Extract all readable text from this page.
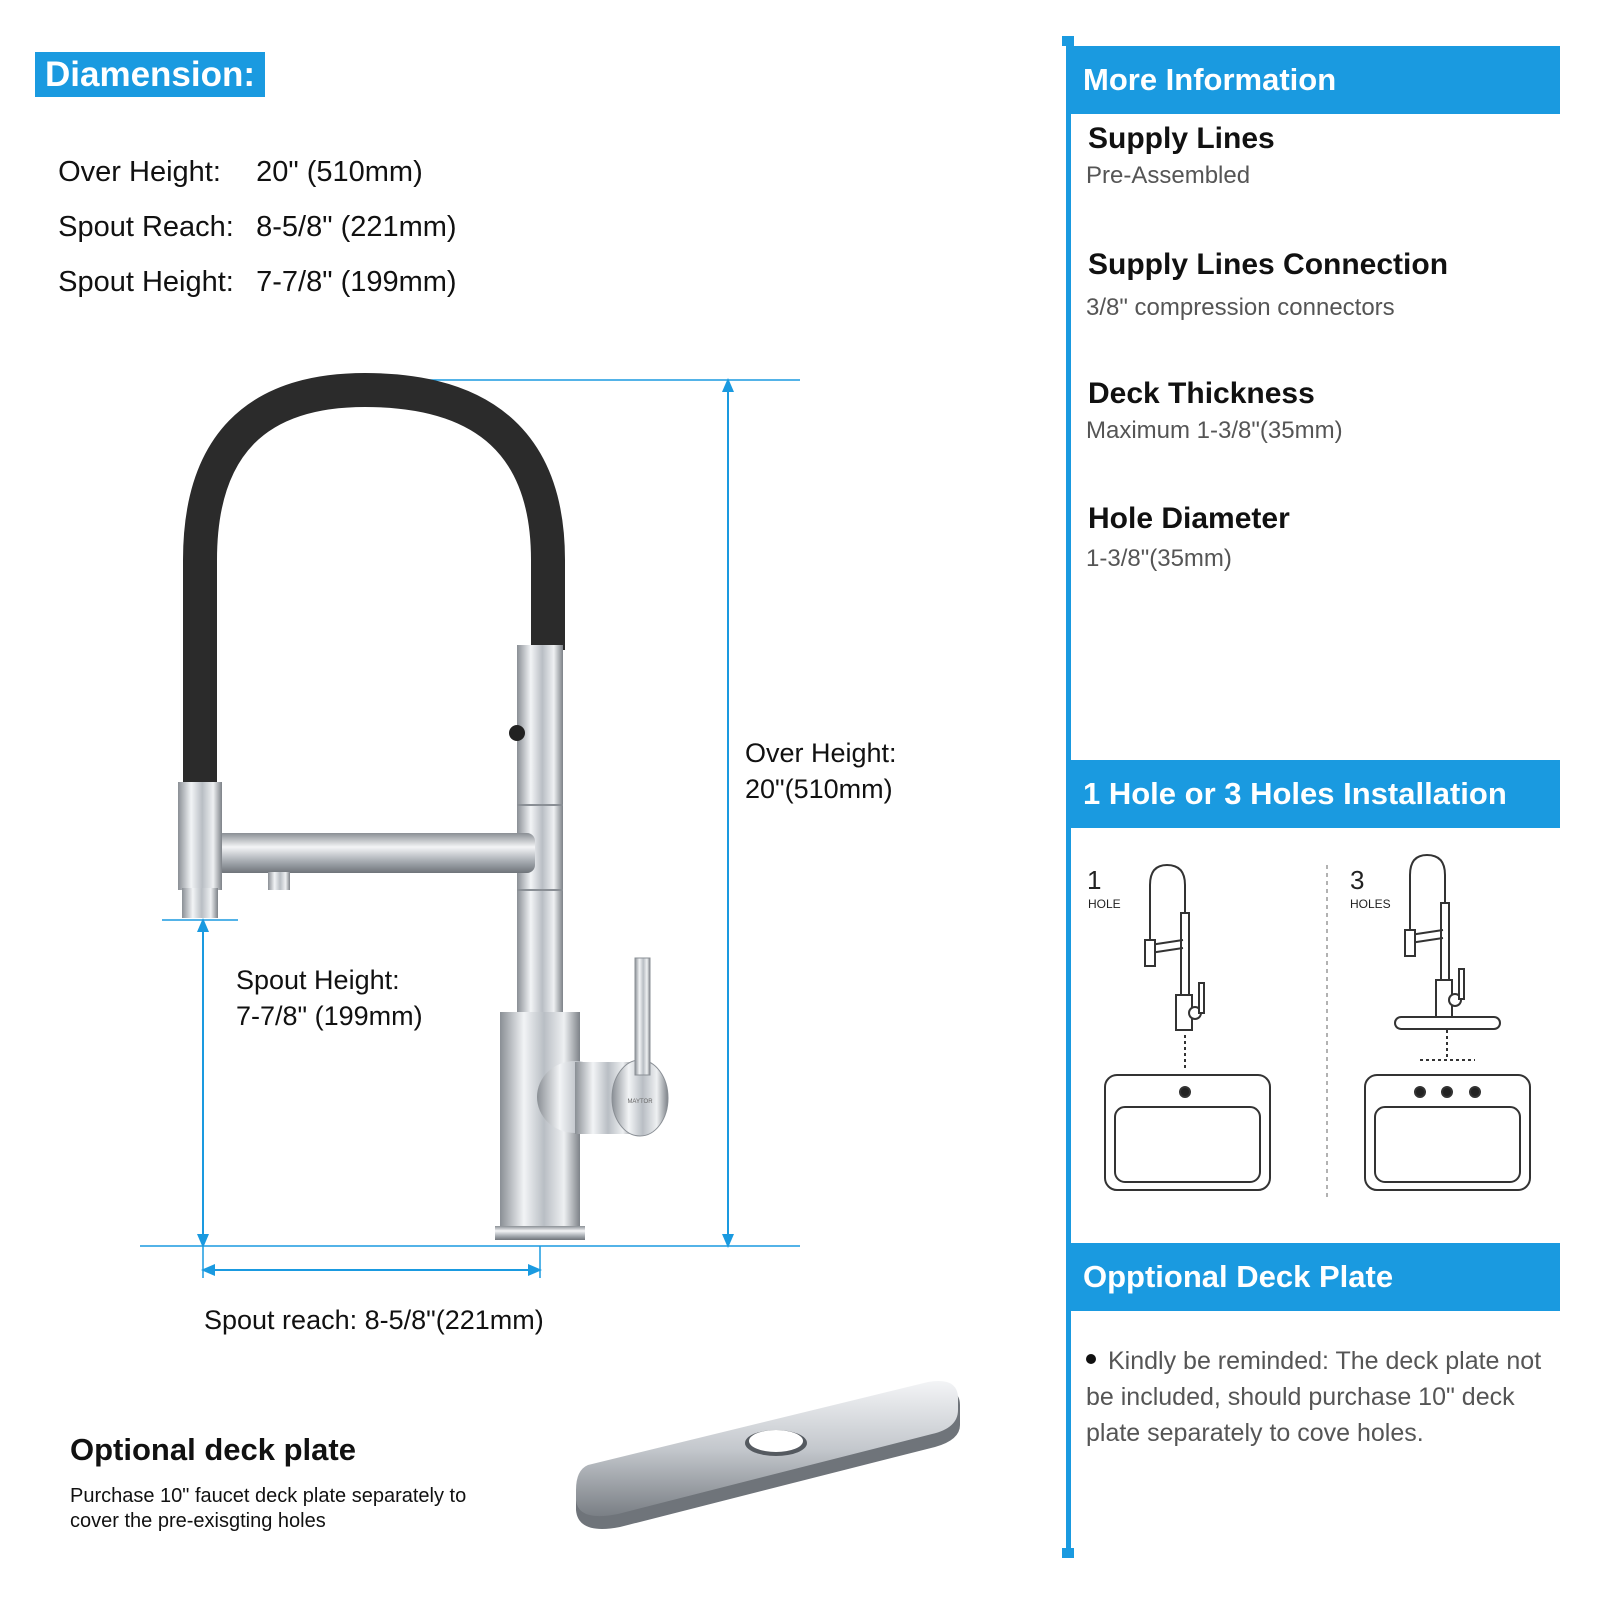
Diamension:

Over Height: 20" (510mm)

Spout Reach: 8-5/8" (221mm)

Spout Height: 7-7/8" (199mm)

MAYTOR
Over Height:
20"(510mm)
Spout Height:
7-7/8" (199mm)
Spout reach: 8-5/8"(221mm)
Optional deck plate
Purchase 10" faucet deck plate separately to cover the pre-exisgting holes
More Information
Supply Lines
Pre-Assembled
Supply Lines Connection
3/8" compression connectors
Deck Thickness
Maximum 1-3/8"(35mm)
Hole Diameter
1-3/8"(35mm)
1 Hole or 3 Holes Installation
1
HOLE
3
HOLES
Opptional Deck Plate
Kindly be reminded: The deck plate not be included, should purchase 10" deck plate separately to cove holes.
